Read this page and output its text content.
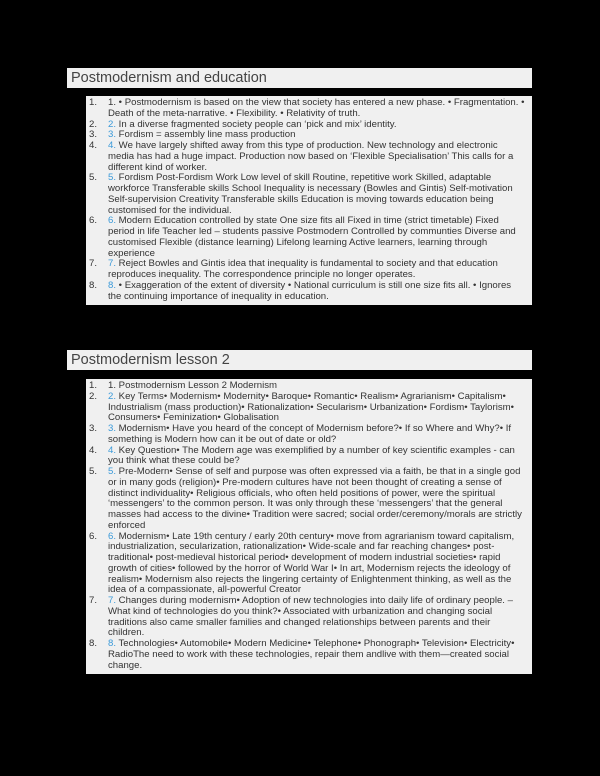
Postmodernism and education
1. 1. • Postmodernism is based on the view that society has entered a new phase. • Fragmentation. • Death of the meta-narrative. • Flexibility. • Relativity of truth.
2. 2. In a diverse fragmented society people can ‘pick and mix’ identity.
3. 3. Fordism = assembly line mass production
4. 4. We have largely shifted away from this type of production. New technology and electronic media has had a huge impact. Production now based on ‘Flexible Specialisation’ This calls for a different kind of worker.
5. 5. Fordism Post-Fordism Work Low level of skill Routine, repetitive work Skilled, adaptable workforce Transferable skills School Inequality is necessary (Bowles and Gintis) Self-motivation Self-supervision Creativity Transferable skills Education is moving towards education being customised for the individual.
6. 6. Modern Education controlled by state One size fits all Fixed in time (strict timetable) Fixed period in life Teacher led – students passive Postmodern Controlled by communties Diverse and customised Flexible (distance learning) Lifelong learning Active learners, learning through experience
7. 7. Reject Bowles and Gintis idea that inequality is fundamental to society and that education reproduces inequality. The correspondence principle no longer operates.
8. 8. • Exaggeration of the extent of diversity • National curriculum is still one size fits all. • Ignores the continuing importance of inequality in education.
Postmodernism lesson 2
1. 1. Postmodernism Lesson 2 Modernism
2. 2. Key Terms• Modernism• Modernity• Baroque• Romantic• Realism• Agrarianism• Capitalism• Industrialism (mass production)• Rationalization• Secularism• Urbanization• Fordism• Taylorism• Consumers• Feminization• Globalisation
3. 3. Modernism• Have you heard of the concept of Modernism before?• If so Where and Why?• If something is Modern how can it be out of date or old?
4. 4. Key Question• The Modern age was exemplified by a number of key scientific examples - can you think what these could be?
5. 5. Pre-Modern• Sense of self and purpose was often expressed via a faith, be that in a single god or in many gods (religion)• Pre-modern cultures have not been thought of creating a sense of distinct individuality• Religious officials, who often held positions of power, were the spiritual ‘messengers’ to the common person. It was only through these ‘messengers’ that the general masses had access to the divine• Tradition were sacred; social order/ceremony/morals are strictly enforced
6. 6. Modernism• Late 19th century / early 20th century• move from agrarianism toward capitalism, industrialization, secularization, rationalization• Wide-scale and far reaching changes• post-traditional• post-medieval historical period• development of modern industrial societies• rapid growth of cities• followed by the horror of World War I• In art, Modernism rejects the ideology of realism• Modernism also rejects the lingering certainty of Enlightenment thinking, as well as the idea of a compassionate, all-powerful Creator
7. 7. Changes during modernism• Adoption of new technologies into daily life of ordinary people. – What kind of technologies do you think?• Associated with urbanization and changing social traditions also came smaller families and changed relationships between parents and their children.
8. 8. Technologies• Automobile• Modern Medicine• Telephone• Phonograph• Television• Electricity• RadioThe need to work with these technologies, repair them andlive with them—created social change.
